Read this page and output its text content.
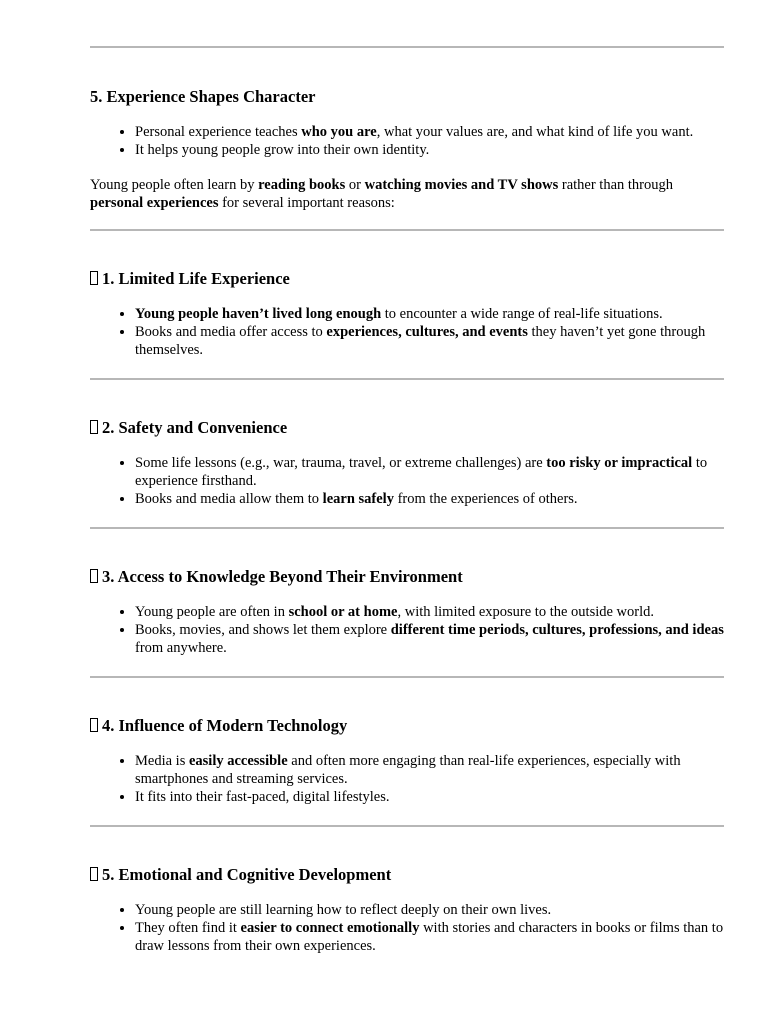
5. Experience Shapes Character
• Personal experience teaches who you are, what your values are, and what kind of life you want.
• It helps young people grow into their own identity.

Young people often learn by reading books or watching movies and TV shows rather than through personal experiences for several important reasons:

1. Limited Life Experience
• Young people haven’t lived long enough to encounter a wide range of real-life situations.
• Books and media offer access to experiences, cultures, and events they haven’t yet gone through themselves.
2. Safety and Convenience
• Some life lessons (e.g., war, trauma, travel, or extreme challenges) are too risky or impractical to experience firsthand.
• Books and media allow them to learn safely from the experiences of others.
3. Access to Knowledge Beyond Their Environment
• Young people are often in school or at home, with limited exposure to the outside world.
• Books, movies, and shows let them explore different time periods, cultures, professions, and ideas from anywhere.
4. Influence of Modern Technology
• Media is easily accessible and often more engaging than real-life experiences, especially with smartphones and streaming services.
• It fits into their fast-paced, digital lifestyles.
5. Emotional and Cognitive Development
• Young people are still learning how to reflect deeply on their own lives.
• They often find it easier to connect emotionally with stories and characters in books or films than to draw lessons from their own experiences.
